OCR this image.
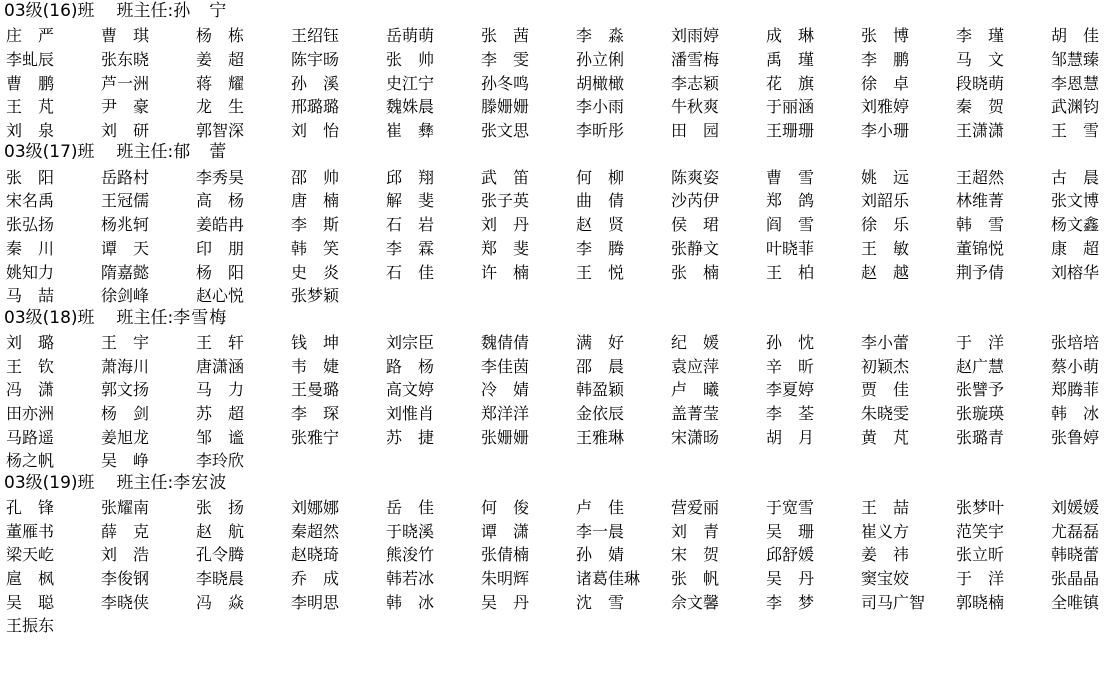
03级(16)班 班主任:孙　宁
庄　严	曹　琪	杨　栋	王绍钰	岳萌萌	张　茜	李　淼	刘雨婷	成　琳	张　博	李　瑾	胡　佳
李虬辰	张东晓	姜　超	陈宇旸	张　帅	李　雯	孙立俐	潘雪梅	禹　瑾	李　鹏	马　文	邹慧臻
曹　鹏	芦一洲	蒋　耀	孙　溪	史江宁	孙冬鸣	胡橄橄	李志颖	花　旗	徐　卓	段晓萌	李恩慧
王　芃	尹　豪	龙　生	邢璐璐	魏姝晨	滕姗姗	李小雨	牛秋爽	于丽涵	刘雅婷	秦　贺	武渊钧
刘　泉	刘　研	郭智深	刘　怡	崔　彝	张文思	李昕彤	田　园	王珊珊	李小珊	王潇潇	王　雪
03级(17)班 班主任:郁　蕾
张　阳	岳路村	李秀昊	邵　帅	邱　翔	武　笛	何　柳	陈爽姿	曹　雪	姚　远	王超然	古　晨
宋名禹	王冠儒	高　杨	唐　楠	解　斐	张子英	曲　倩	沙芮伊	郑　鸽	刘韶乐	林维菁	张文博
张弘扬	杨兆轲	姜皓冉	李　斯	石　岩	刘　丹	赵　贤	侯　珺	阎　雪	徐　乐	韩　雪	杨文鑫
秦　川	谭　天	印　朋	韩　笑	李　霖	郑　斐	李　腾	张静文	叶晓菲	王　敏	董锦悦	康　超
姚知力	隋嘉懿	杨　阳	史　炎	石　佳	许　楠	王　悦	张　楠	王　柏	赵　越	荆予倩	刘榕华
马　喆	徐剑峰	赵心悦	张梦颖
03级(18)班 班主任:李雪梅
刘　璐	王　宇	王　轩	钱　坤	刘宗臣	魏倩倩	满　好	纪　媛	孙　忱	李小蕾	于　洋	张培培
王　钦	萧海川	唐潇涵	韦　婕	路　杨	李佳茵	邵　晨	袁应萍	辛　昕	初颖杰	赵广慧	蔡小萌
冯　潇	郭文扬	马　力	王曼璐	高文婷	冷　婧	韩盈颖	卢　曦	李夏婷	贾　佳	张譬予	郑腾菲
田亦洲	杨　剑	苏　超	李　琛	刘惟肖	郑洋洋	金依辰	盖菁莹	李　荃	朱晓雯	张璇瑛	韩　冰
马路遥	姜旭龙	邹　谧	张雅宁	苏　捷	张姗姗	王雅琳	宋潇旸	胡　月	黄　芃	张璐青	张鲁婷
杨之帆	吴　峥	李玲欣
03级(19)班 班主任:李宏波
孔　锋	张耀南	张　扬	刘娜娜	岳　佳	何　俊	卢　佳	营爱丽	于宽雪	王　喆	张梦叶	刘媛媛
董雁书	薛　克	赵　航	秦超然	于晓溪	谭　潇	李一晨	刘　青	吴　珊	崔义方	范笑宇	尤磊磊
梁天屹	刘　浩	孔令腾	赵晓琦	熊浚竹	张倩楠	孙　婧	宋　贺	邱舒媛	姜　祎	张立昕	韩晓蕾
扈　枫	李俊钢	李晓晨	乔　成	韩若冰	朱明辉	诸葛佳琳	张　帆	吴　丹	窦宝姣	于　洋	张晶晶
吴　聪	李晓侠	冯　焱	李明思	韩　冰	吴　丹	沈　雪	佘文馨	李　梦	司马广智	郭晓楠	全唯镇
王振东
